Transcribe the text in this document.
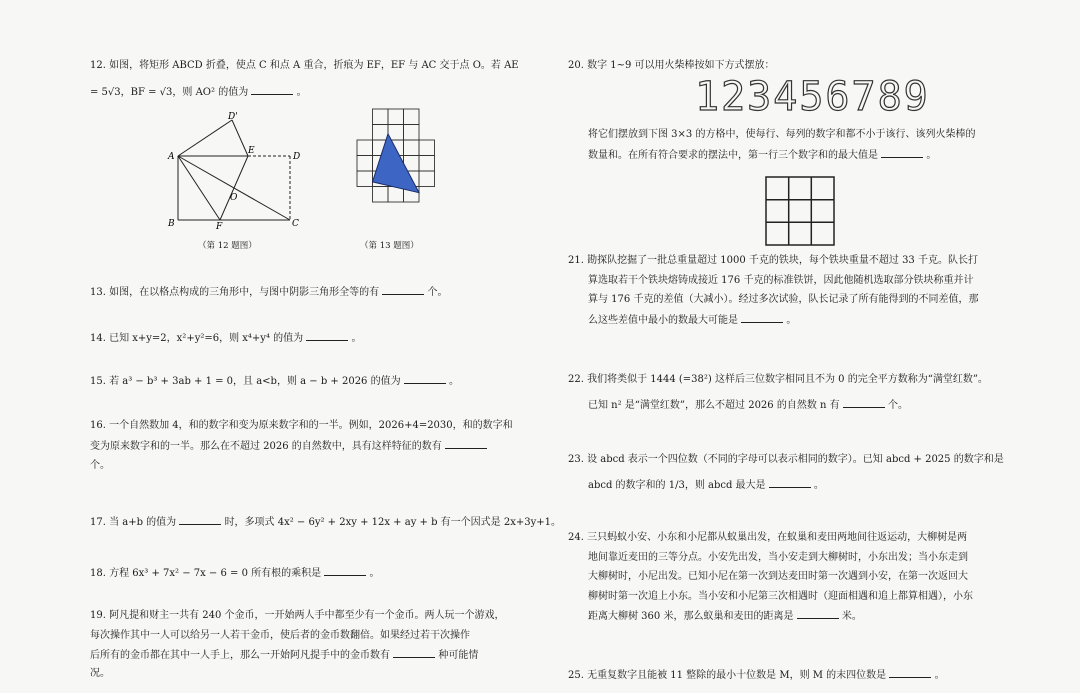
12. 如图，将矩形 ABCD 折叠，使点 C 和点 A 重合，折痕为 EF，EF 与 AC 交于点 O。若 AE

= 5√3，BF = √3，则 AO² 的值为	。

A
B	C
D
D'
E
F
O
（第 12 题图）	（第 13 题图）
13. 如图，在以格点构成的三角形中，与图中阴影三角形全等的有	个。
14. 已知 x+y=2，x²+y²=6，则 x⁴+y⁴ 的值为	。
15. 若 a³ − b³ + 3ab + 1 = 0，且 a<b，则 a − b + 2026 的值为	。

16. 一个自然数加 4，和的数字和变为原来数字和的一半。例如，2026+4=2030，和的数字和

变为原来数字和的一半。那么在不超过 2026 的自然数中，具有这样特征的数有

个。

17. 当 a+b 的值为	时，多项式 4x² − 6y² + 2xy + 12x + ay + b 有一个因式是 2x+3y+1。
18. 方程 6x³ + 7x² − 7x − 6 = 0 所有根的乘积是	。

19. 阿凡提和财主一共有 240 个金币，一开始两人手中都至少有一个金币。两人玩一个游戏，

每次操作其中一人可以给另一人若干金币，使后者的金币数翻倍。如果经过若干次操作

后所有的金币都在其中一人手上，那么一开始阿凡提手中的金币数有	种可能情

况。

20. 数字 1~9 可以用火柴棒按如下方式摆放：

123456789

将它们摆放到下图 3×3 的方格中，使每行、每列的数字和都不小于该行、该列火柴棒的

数量和。在所有符合要求的摆法中，第一行三个数字和的最大值是	。

21. 勘探队挖掘了一批总重量超过 1000 千克的铁块，每个铁块重量不超过 33 千克。队长打

算选取若干个铁块熔铸成接近 176 千克的标准铁饼，因此他随机选取部分铁块称重并计

算与 176 千克的差值（大减小）。经过多次试验，队长记录了所有能得到的不同差值，那

么这些差值中最小的数最大可能是	。

22. 我们将类似于 1444 (=38²) 这样后三位数字相同且不为 0 的完全平方数称为“满堂红数”。

已知 n² 是“满堂红数”，那么不超过 2026 的自然数 n 有	个。

23. 设 abcd 表示一个四位数（不同的字母可以表示相同的数字）。已知 abcd + 2025 的数字和是

abcd 的数字和的 1/3，则 abcd 最大是	。

24. 三只蚂蚁小安、小东和小尼都从蚁巢出发，在蚁巢和麦田两地间往返运动，大柳树是两

地间靠近麦田的三等分点。小安先出发，当小安走到大柳树时，小东出发；当小东走到

大柳树时，小尼出发。已知小尼在第一次到达麦田时第一次遇到小安，在第一次返回大

柳树时第一次追上小东。当小安和小尼第三次相遇时（迎面相遇和追上都算相遇），小东

距离大柳树 360 米，那么蚁巢和麦田的距离是	米。

25. 无重复数字且能被 11 整除的最小十位数是 M，则 M 的末四位数是	。
